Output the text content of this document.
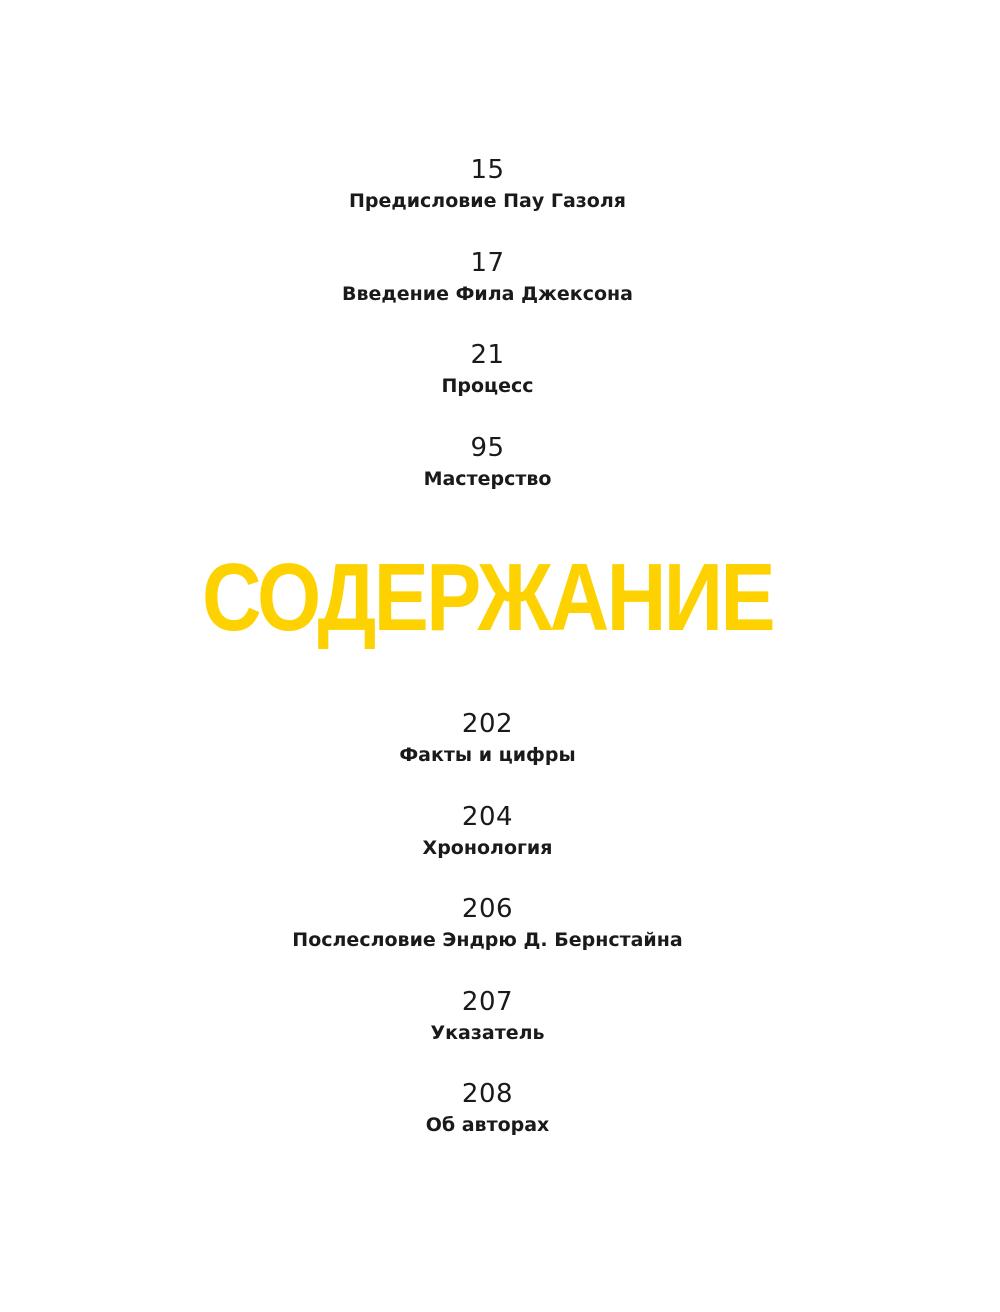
15
Предисловие Пау Газоля
17
Введение Фила Джексона
21
Процесс
95
Мастерство
СОДЕРЖАНИЕ
202
Факты и цифры
204
Хронология
206
Послесловие Эндрю Д. Бернстайна
207
Указатель
208
Об авторах
